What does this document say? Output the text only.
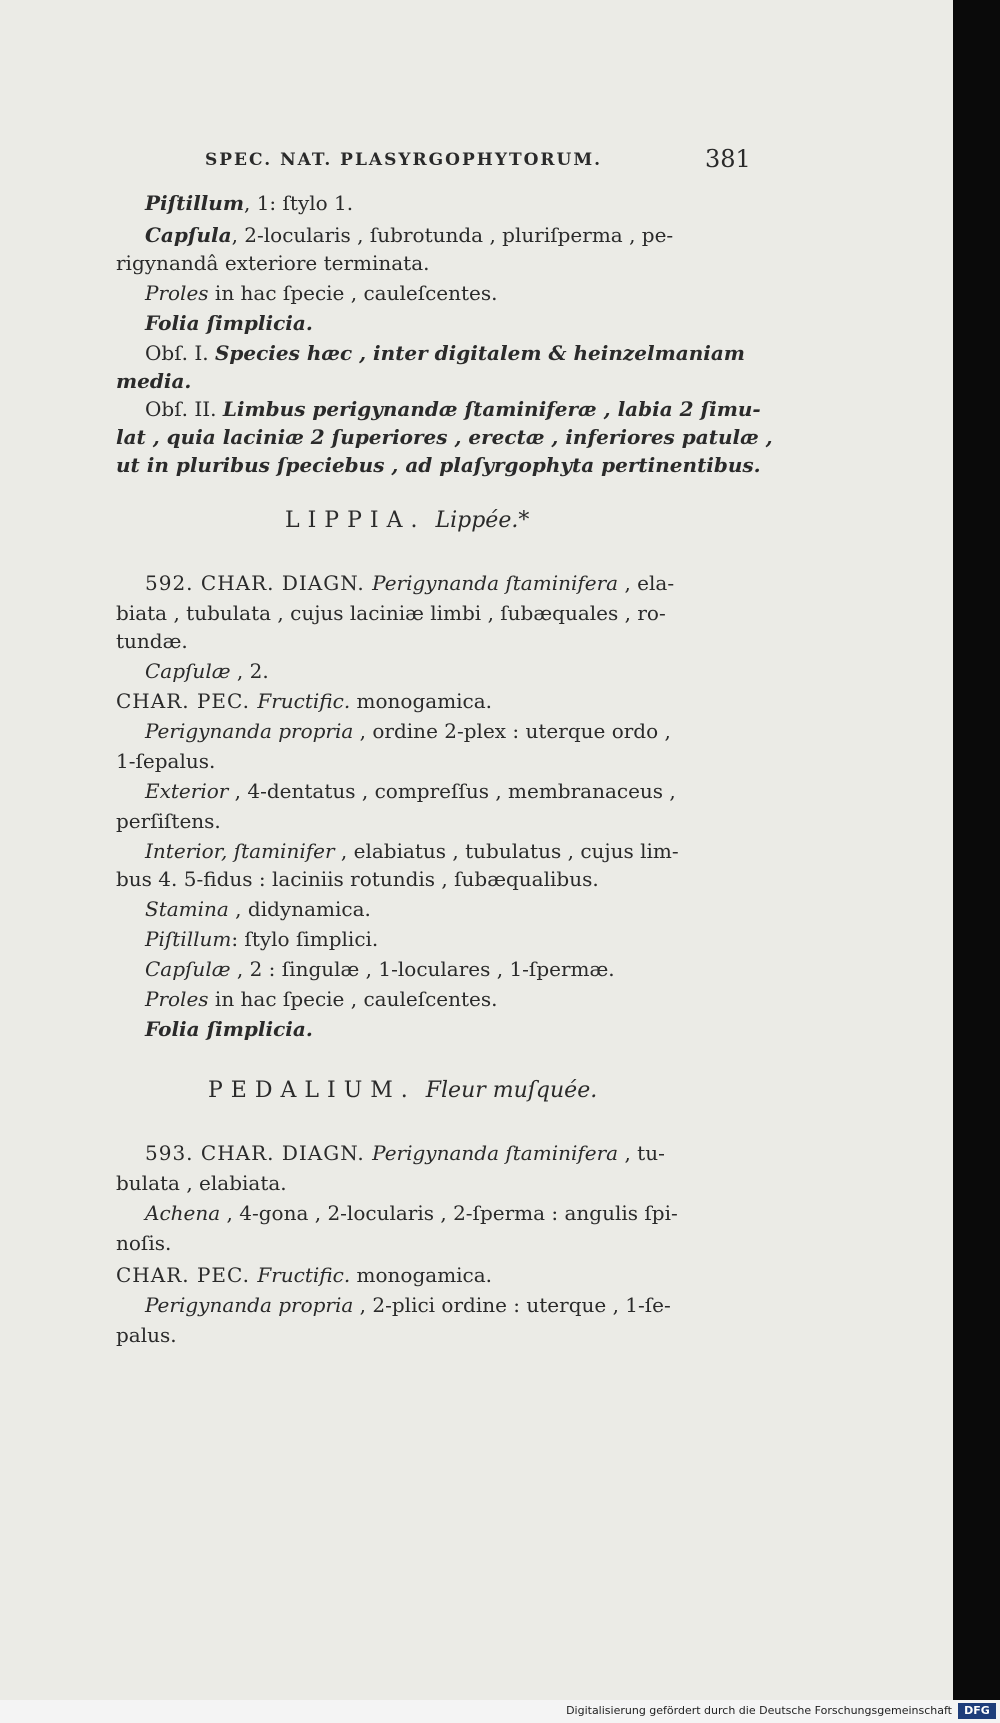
SPEC. NAT. PLASYRGOPHYTORUM.	381
Piſtillum, 1: ſtylo 1.
Capſula, 2-locularis , ſubrotunda , pluriſperma , pe-
rigynandâ exteriore terminata.
Proles in hac ſpecie , cauleſcentes.
Folia ſimplicia.
Obſ. I. Species hæc , inter digitalem & heinzelmaniam
media.
Obſ. II. Limbus perigynandæ ſtaminiferæ , labia 2 ſimu-
lat , quia laciniæ 2 ſuperiores , erectæ , inferiores patulæ ,
ut in pluribus ſpeciebus , ad plaſyrgophyta pertinentibus.
LIPPIA. Lippée.*
592. CHAR. DIAGN. Perigynanda ſtaminifera , ela-
biata , tubulata , cujus laciniæ limbi , ſubæquales , ro-
tundæ.
Capſulæ , 2.
CHAR. PEC. Fructific. monogamica.
Perigynanda propria , ordine 2-plex : uterque ordo ,
1-ſepalus.
Exterior , 4-dentatus , compreſſus , membranaceus ,
perſiſtens.
Interior, ſtaminifer , elabiatus , tubulatus , cujus lim-
bus 4. 5-fidus : laciniis rotundis , ſubæqualibus.
Stamina , didynamica.
Piſtillum: ſtylo ſimplici.
Capſulæ , 2 : ſingulæ , 1-loculares , 1-ſpermæ.
Proles in hac ſpecie , cauleſcentes.
Folia ſimplicia.
PEDALIUM. Fleur muſquée.
593. CHAR. DIAGN. Perigynanda ſtaminifera , tu-
bulata , elabiata.
Achena , 4-gona , 2-locularis , 2-ſperma : angulis ſpi-
noſis.
CHAR. PEC. Fructific. monogamica.
Perigynanda propria , 2-plici ordine : uterque , 1-ſe-
palus.
Digitalisierung gefördert durch die Deutsche Forschungsgemeinschaft	DFG
